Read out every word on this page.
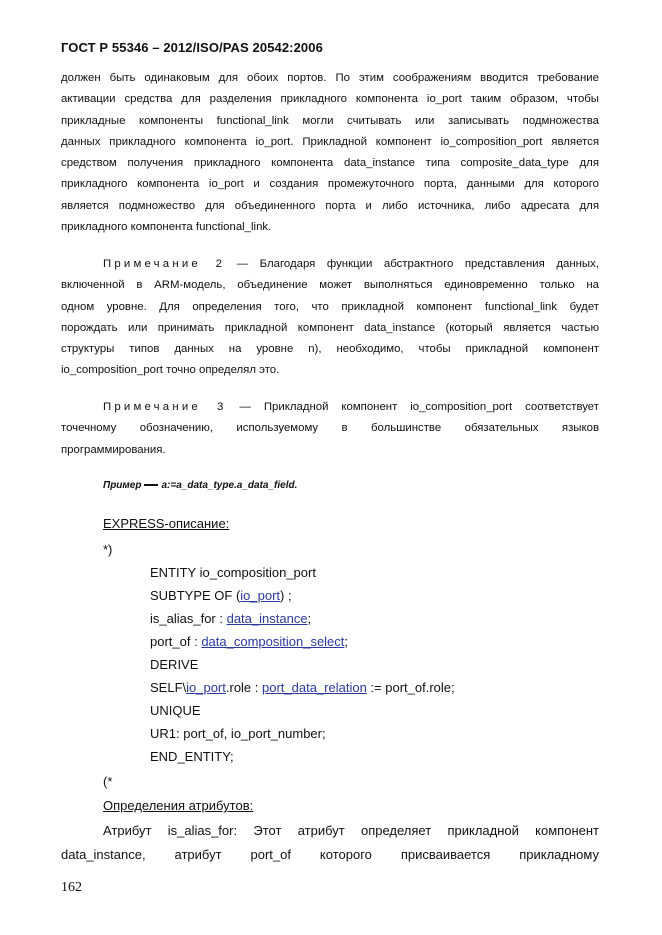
ГОСТ Р 55346 – 2012/ISO/PAS 20542:2006
должен быть одинаковым для обоих портов. По этим соображениям вводится требование
активации средства для разделения прикладного компонента io_port таким образом, чтобы
прикладные компоненты functional_link могли считывать или записывать подмножества
данных прикладного компонента io_port. Прикладной компонент io_composition_port является
средством получения прикладного компонента data_instance типа composite_data_type для
прикладного компонента io_port и создания промежуточного порта, данными для которого
является подмножество для объединенного порта и либо источника, либо адресата для
прикладного компонента functional_link.
Примечание 2 — Благодаря функции абстрактного представления данных,
включенной в ARM-модель, объединение может выполняться единовременно только на
одном уровне. Для определения того, что прикладной компонент functional_link будет
порождать или принимать прикладной компонент data_instance (который является частью
структуры типов данных на уровне n), необходимо, чтобы прикладной компонент
io_composition_port точно определял это.
Примечание 3 — Прикладной компонент io_composition_port соответствует
точечному обозначению, используемому в большинстве обязательных языков
программирования.
Пример a:=a_data_type.a_data_field.
EXPRESS-описание:
*)
ENTITY io_composition_port
SUBTYPE OF (io_port) ;
is_alias_for : data_instance;
port_of : data_composition_select;
DERIVE
SELF\io_port.role : port_data_relation := port_of.role;
UNIQUE
UR1: port_of, io_port_number;
END_ENTITY;
(*
Определения атрибутов:
Атрибут is_alias_for: Этот атрибут определяет прикладной компонент
data_instance, атрибут port_of которого присваивается прикладному
162
